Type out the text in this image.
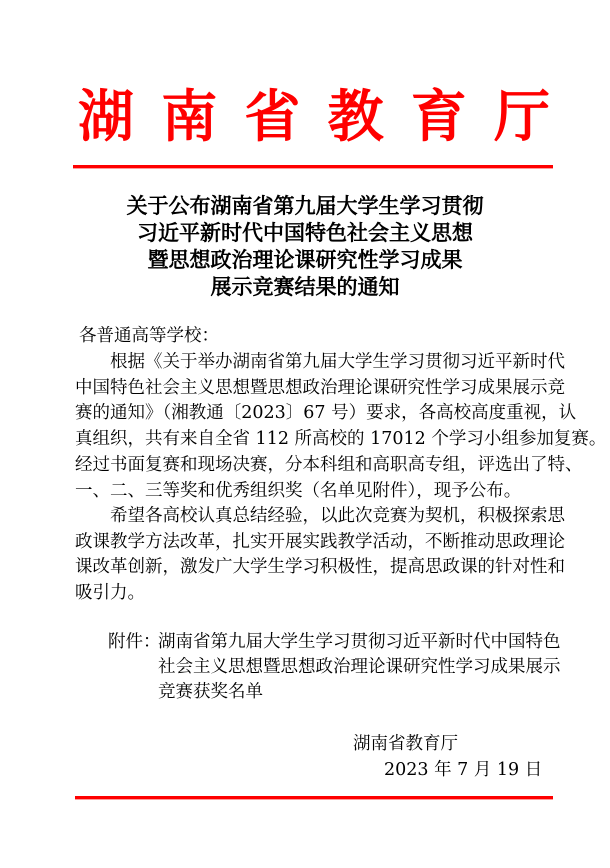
湖南省教育厅
关于公布湖南省第九届大学生学习贯彻
习近平新时代中国特色社会主义思想
暨思想政治理论课研究性学习成果
展示竞赛结果的通知
各普通高等学校：
根据《关于举办湖南省第九届大学生学习贯彻习近平新时代
中国特色社会主义思想暨思想政治理论课研究性学习成果展示竞
赛的通知》（湘教通〔2023〕67 号）要求，各高校高度重视，认
真组织，共有来自全省 112 所高校的 17012 个学习小组参加复赛。
经过书面复赛和现场决赛，分本科组和高职高专组，评选出了特、
一、二、三等奖和优秀组织奖（名单见附件），现予公布。
希望各高校认真总结经验，以此次竞赛为契机，积极探索思
政课教学方法改革，扎实开展实践教学活动，不断推动思政理论
课改革创新，激发广大学生学习积极性，提高思政课的针对性和
吸引力。
附件：
湖南省第九届大学生学习贯彻习近平新时代中国特色
社会主义思想暨思想政治理论课研究性学习成果展示
竞赛获奖名单
湖南省教育厅
2023 年 7 月 19 日
